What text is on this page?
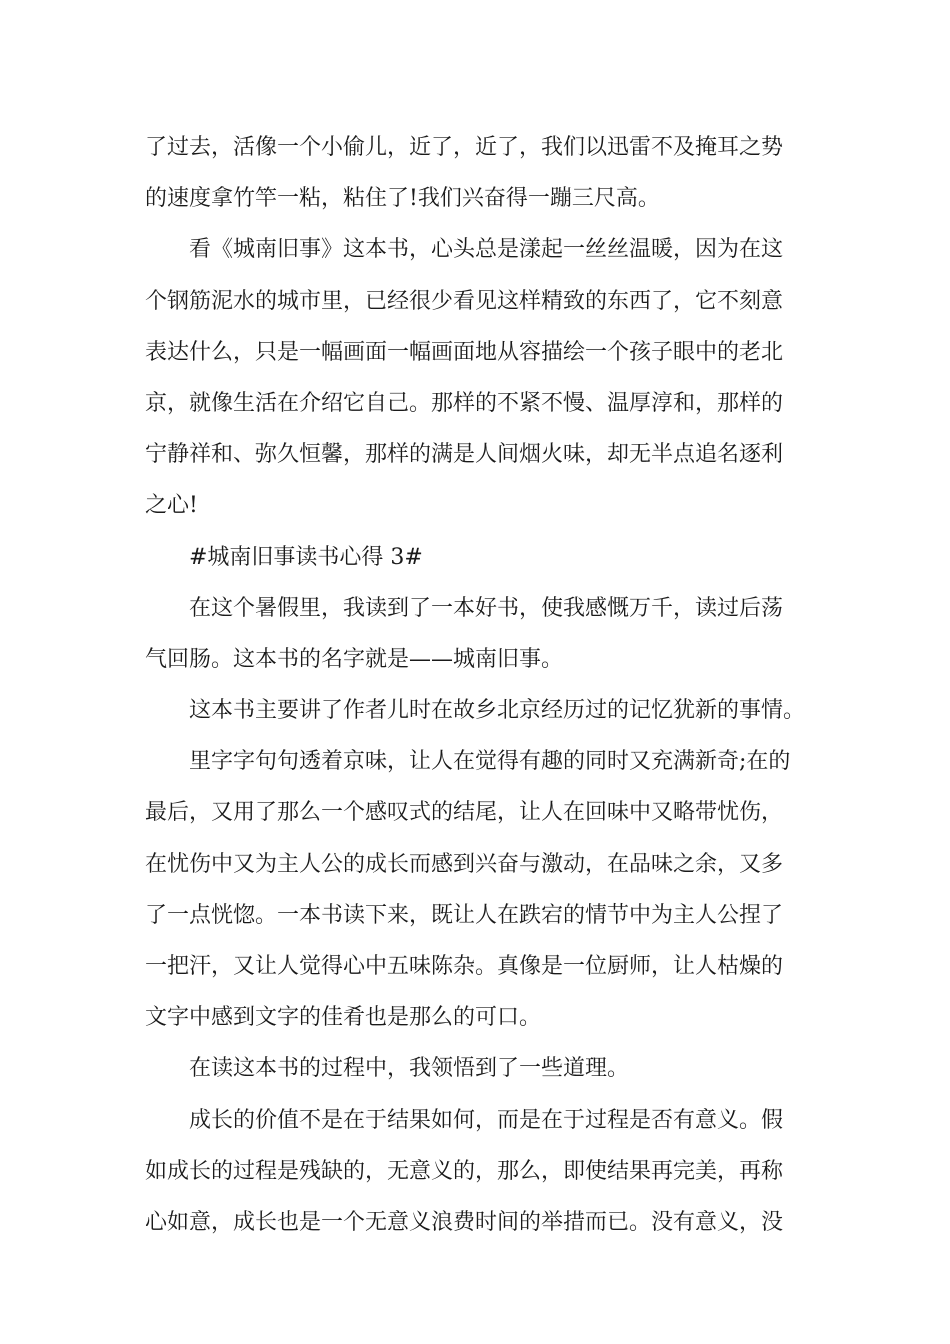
了过去，活像一个小偷儿，近了，近了，我们以迅雷不及掩耳之势
的速度拿竹竿一粘，粘住了!我们兴奋得一蹦三尺高。
看《城南旧事》这本书，心头总是漾起一丝丝温暖，因为在这
个钢筋泥水的城市里，已经很少看见这样精致的东西了，它不刻意
表达什么，只是一幅画面一幅画面地从容描绘一个孩子眼中的老北
京，就像生活在介绍它自己。那样的不紧不慢、温厚淳和，那样的
宁静祥和、弥久恒馨，那样的满是人间烟火味，却无半点追名逐利
之心!
#城南旧事读书心得 3#
在这个暑假里，我读到了一本好书，使我感慨万千，读过后荡
气回肠。这本书的名字就是——城南旧事。
这本书主要讲了作者儿时在故乡北京经历过的记忆犹新的事情。
里字字句句透着京味，让人在觉得有趣的同时又充满新奇;在的
最后，又用了那么一个感叹式的结尾，让人在回味中又略带忧伤，
在忧伤中又为主人公的成长而感到兴奋与激动，在品味之余，又多
了一点恍惚。一本书读下来，既让人在跌宕的情节中为主人公捏了
一把汗，又让人觉得心中五味陈杂。真像是一位厨师，让人枯燥的
文字中感到文字的佳肴也是那么的可口。
在读这本书的过程中，我领悟到了一些道理。
成长的价值不是在于结果如何，而是在于过程是否有意义。假
如成长的过程是残缺的，无意义的，那么，即使结果再完美，再称
心如意，成长也是一个无意义浪费时间的举措而已。没有意义，没
